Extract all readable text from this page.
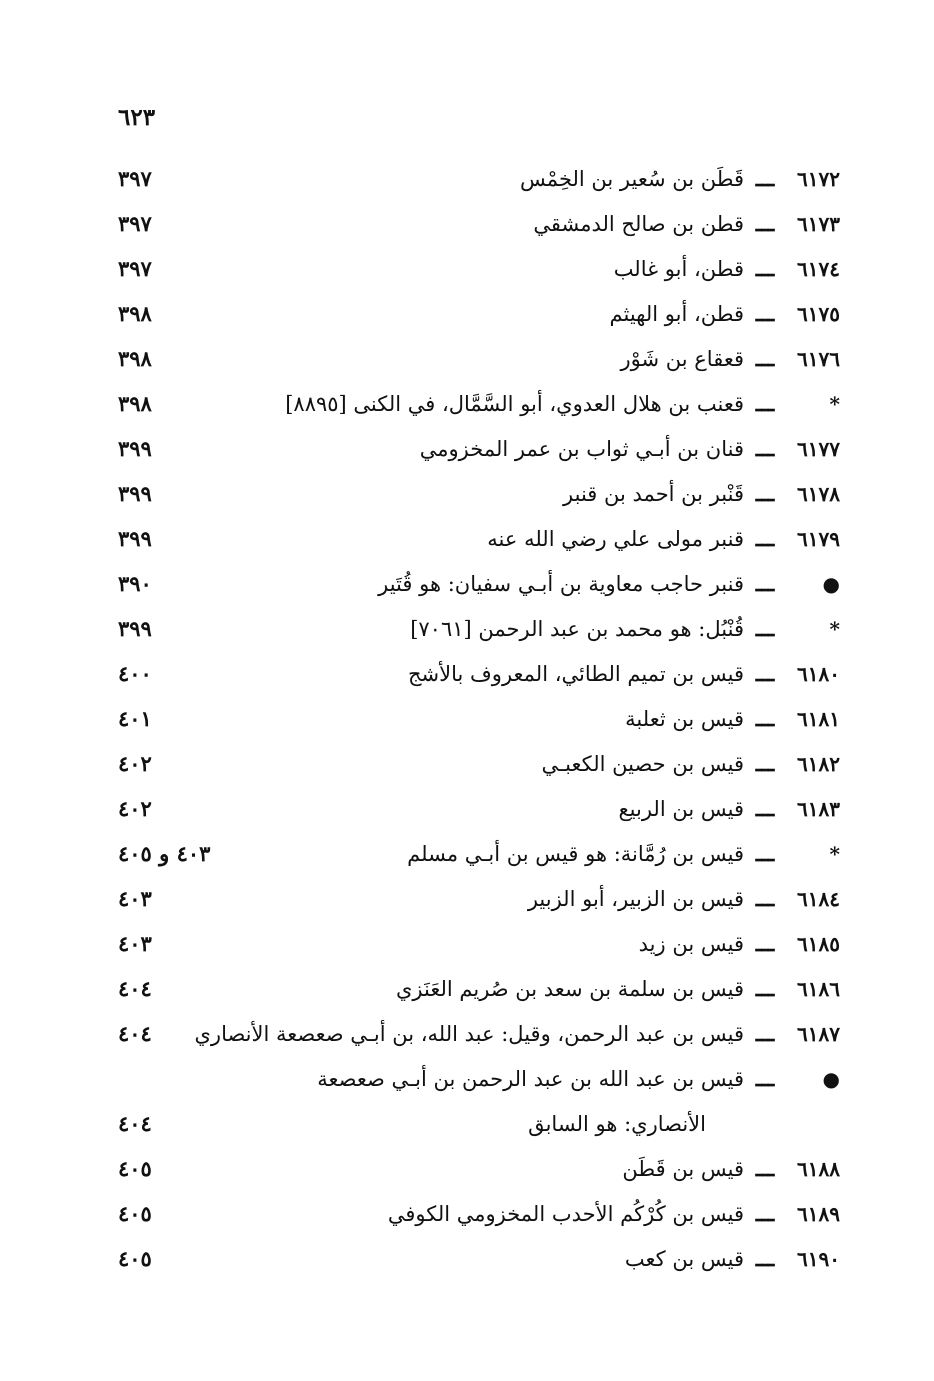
٦٢٣
٦١٧٢
ـــ
قَطَن بن سُعير بن الخِمْس
٣٩٧
٦١٧٣
ـــ
قطن بن صالح الدمشقي
٣٩٧
٦١٧٤
ـــ
قطن، أبو غالب
٣٩٧
٦١٧٥
ـــ
قطن، أبو الهيثم
٣٩٨
٦١٧٦
ـــ
قعقاع بن شَوْر
٣٩٨
*
ـــ
قعنب بن هلال العدوي، أبو السَّمَّال، في الكنى [٨٨٩٥]
٣٩٨
٦١٧٧
ـــ
قنان بن أبـي ثواب بن عمر المخزومي
٣٩٩
٦١٧٨
ـــ
قَنْبر بن أحمد بن قنبر
٣٩٩
٦١٧٩
ـــ
قنبر مولى علي رضي الله عنه
٣٩٩
●
ـــ
قنبر حاجب معاوية بن أبـي سفيان: هو قُتَير
٣٩٠
*
ـــ
قُنْبُل: هو محمد بن عبد الرحمن [٧٠٦١]
٣٩٩
٦١٨٠
ـــ
قيس بن تميم الطائي، المعروف بالأشج
٤٠٠
٦١٨١
ـــ
قيس بن ثعلبة
٤٠١
٦١٨٢
ـــ
قيس بن حصين الكعبـي
٤٠٢
٦١٨٣
ـــ
قيس بن الربيع
٤٠٢
*
ـــ
قيس بن رُمَّانة: هو قيس بن أبـي مسلم
٤٠٣ و ٤٠٥
٦١٨٤
ـــ
قيس بن الزبير، أبو الزبير
٤٠٣
٦١٨٥
ـــ
قيس بن زيد
٤٠٣
٦١٨٦
ـــ
قيس بن سلمة بن سعد بن صُريم العَنَزي
٤٠٤
٦١٨٧
ـــ
قيس بن عبد الرحمن، وقيل: عبد الله، بن أبـي صعصعة الأنصاري
٤٠٤
●
ـــ
قيس بن عبد الله بن عبد الرحمن بن أبـي صعصعة
الأنصاري: هو السابق
٤٠٤
٦١٨٨
ـــ
قيس بن قَطَن
٤٠٥
٦١٨٩
ـــ
قيس بن كُرْكُم الأحدب المخزومي الكوفي
٤٠٥
٦١٩٠
ـــ
قيس بن كعب
٤٠٥
